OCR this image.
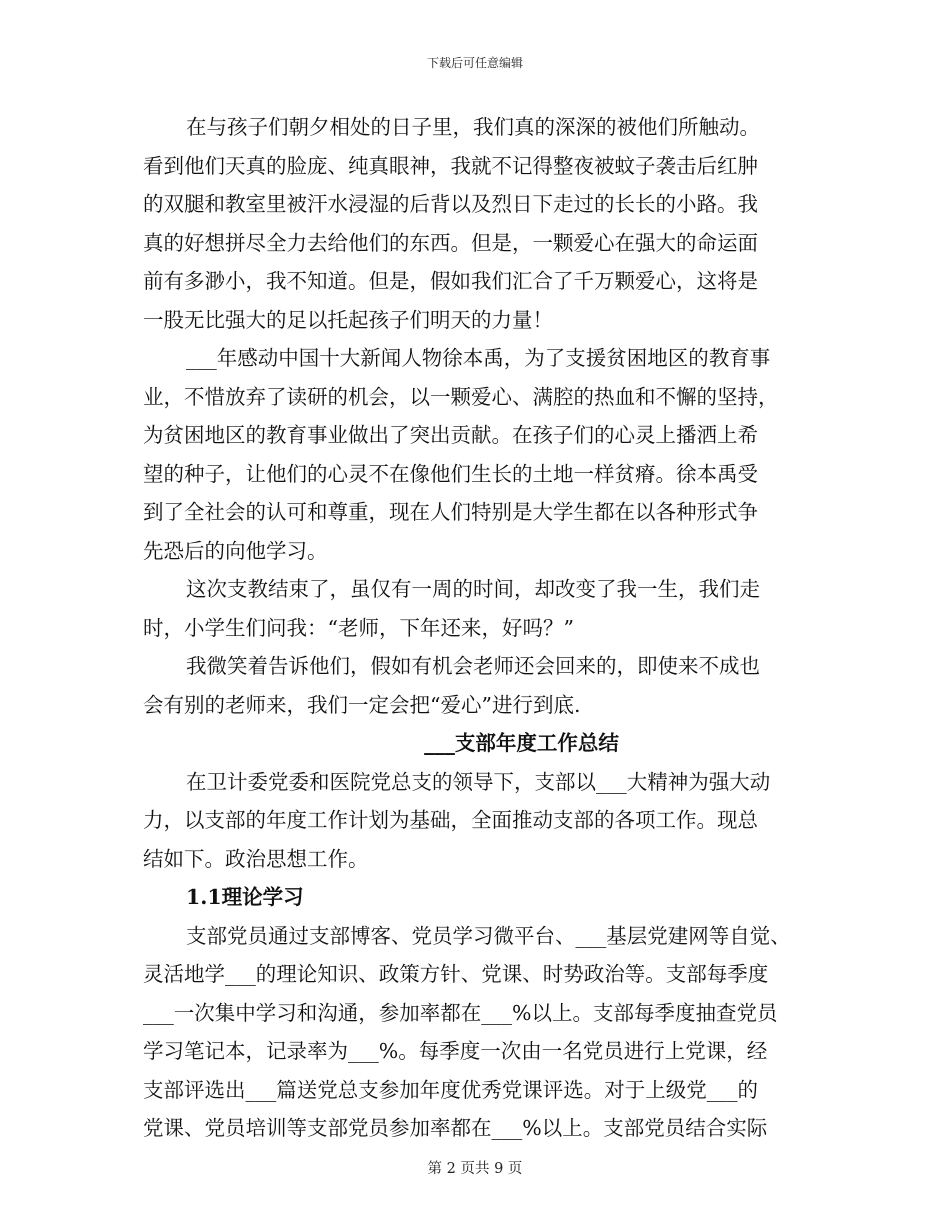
下载后可任意编辑
在与孩子们朝夕相处的日子里，我们真的深深的被他们所触动。
看到他们天真的脸庞、纯真眼神，我就不记得整夜被蚊子袭击后红肿
的双腿和教室里被汗水浸湿的后背以及烈日下走过的长长的小路。我
真的好想拼尽全力去给他们的东西。但是，一颗爱心在强大的命运面
前有多渺小，我不知道。但是，假如我们汇合了千万颗爱心，这将是
一股无比强大的足以托起孩子们明天的力量！
___年感动中国十大新闻人物徐本禹，为了支援贫困地区的教育事
业，不惜放弃了读研的机会，以一颗爱心、满腔的热血和不懈的坚持，
为贫困地区的教育事业做出了突出贡献。在孩子们的心灵上播洒上希
望的种子，让他们的心灵不在像他们生长的土地一样贫瘠。徐本禹受
到了全社会的认可和尊重，现在人们特别是大学生都在以各种形式争
先恐后的向他学习。
这次支教结束了，虽仅有一周的时间，却改变了我一生，我们走
时，小学生们问我：“老师，下年还来，好吗？”
我微笑着告诉他们，假如有机会老师还会回来的，即使来不成也
会有别的老师来，我们一定会把“爱心”进行到底.
___支部年度工作总结
在卫计委党委和医院党总支的领导下，支部以___大精神为强大动
力，以支部的年度工作计划为基础，全面推动支部的各项工作。现总
结如下。政治思想工作。
1.1理论学习
支部党员通过支部博客、党员学习微平台、___基层党建网等自觉、
灵活地学___的理论知识、政策方针、党课、时势政治等。支部每季度
___一次集中学习和沟通，参加率都在___%以上。支部每季度抽查党员
学习笔记本，记录率为___%。每季度一次由一名党员进行上党课，经
支部评选出___篇送党总支参加年度优秀党课评选。对于上级党___的
党课、党员培训等支部党员参加率都在___%以上。支部党员结合实际
第 2 页共 9 页
